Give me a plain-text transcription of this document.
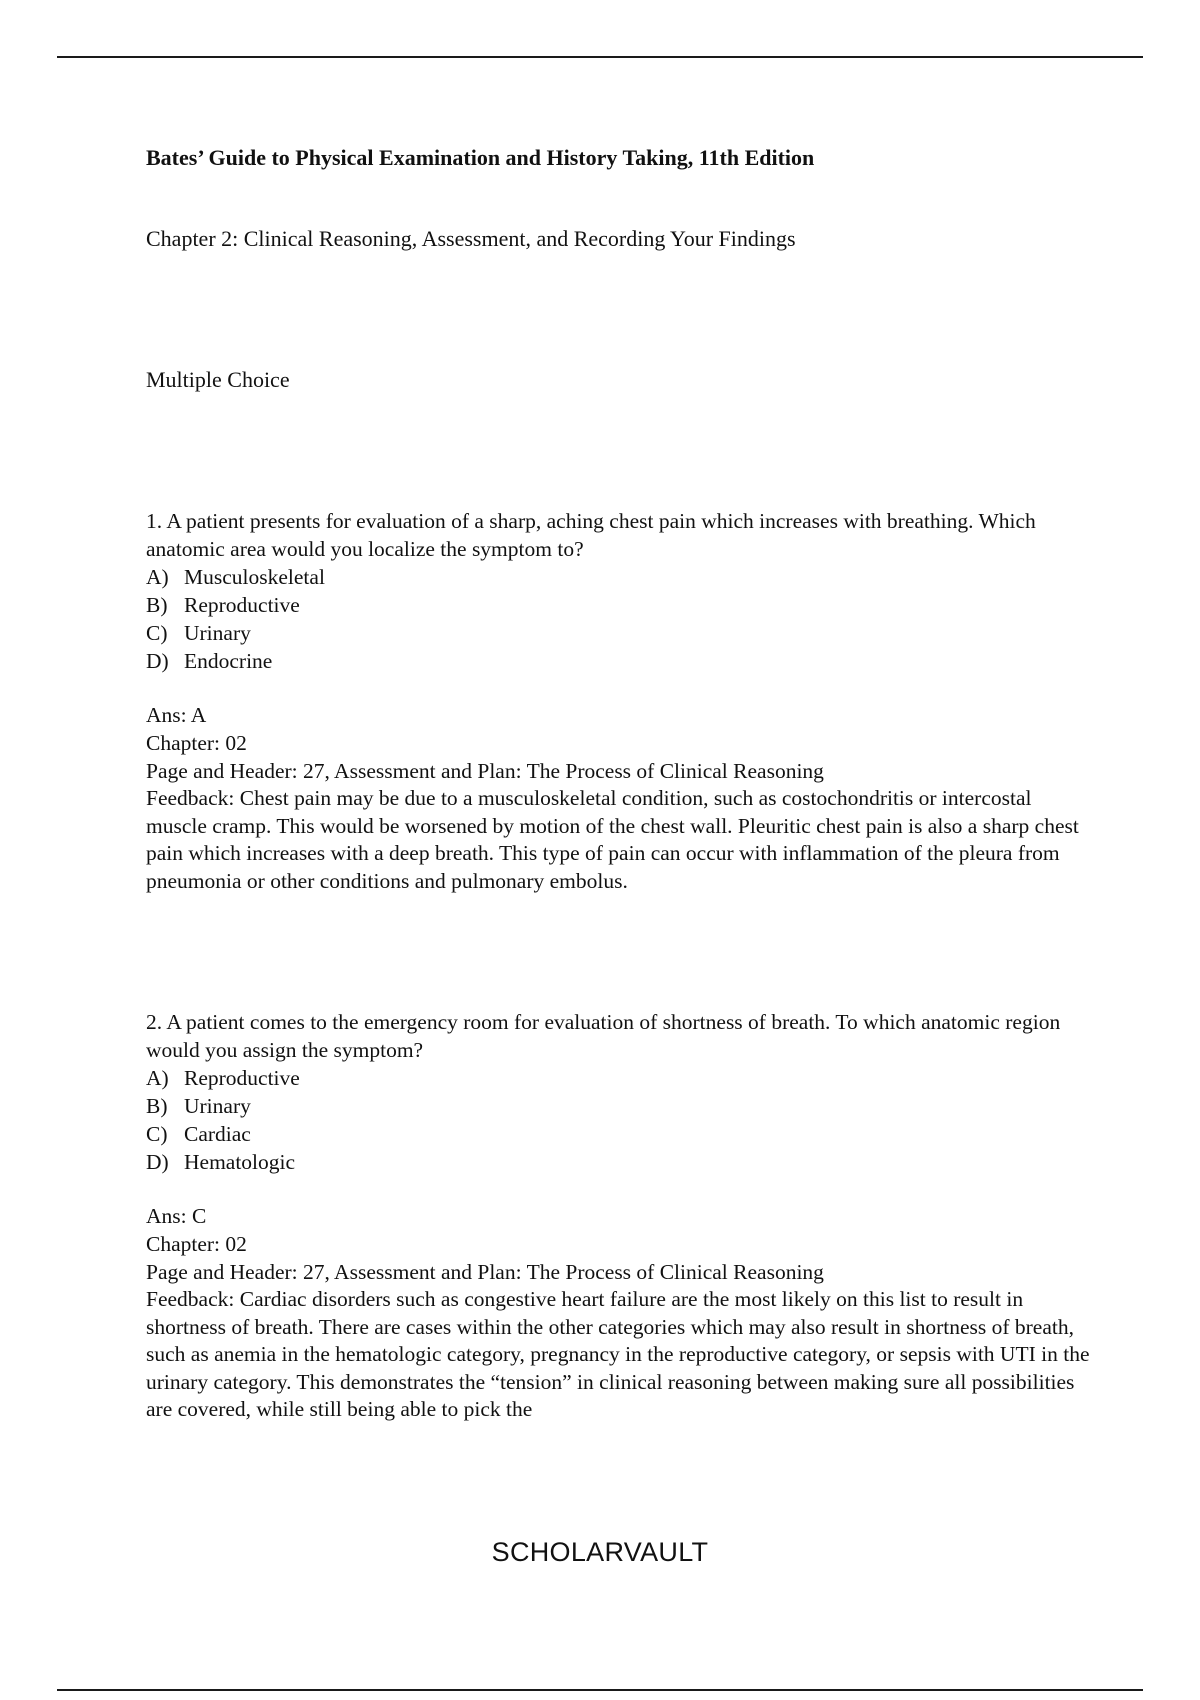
Bates’ Guide to Physical Examination and History Taking, 11th Edition
Chapter 2: Clinical Reasoning, Assessment, and Recording Your Findings

Multiple Choice

1. A patient presents for evaluation of a sharp, aching chest pain which increases with breathing. Which anatomic area would you localize the symptom to?

A) Musculoskeletal

B) Reproductive

C) Urinary

D) Endocrine

Ans: A

Chapter: 02

Page and Header: 27, Assessment and Plan: The Process of Clinical Reasoning

Feedback: Chest pain may be due to a musculoskeletal condition, such as costochondritis or intercostal muscle cramp. This would be worsened by motion of the chest wall. Pleuritic chest pain is also a sharp chest pain which increases with a deep breath. This type of pain can occur with inflammation of the pleura from pneumonia or other conditions and pulmonary embolus.

2. A patient comes to the emergency room for evaluation of shortness of breath. To which anatomic region would you assign the symptom?

A) Reproductive

B) Urinary

C) Cardiac

D) Hematologic

Ans: C

Chapter: 02

Page and Header: 27, Assessment and Plan: The Process of Clinical Reasoning

Feedback: Cardiac disorders such as congestive heart failure are the most likely on this list to result in shortness of breath. There are cases within the other categories which may also result in shortness of breath, such as anemia in the hematologic category, pregnancy in the reproductive category, or sepsis with UTI in the urinary category. This demonstrates the “tension” in clinical reasoning between making sure all possibilities are covered, while still being able to pick the

SCHOLARVAULT
